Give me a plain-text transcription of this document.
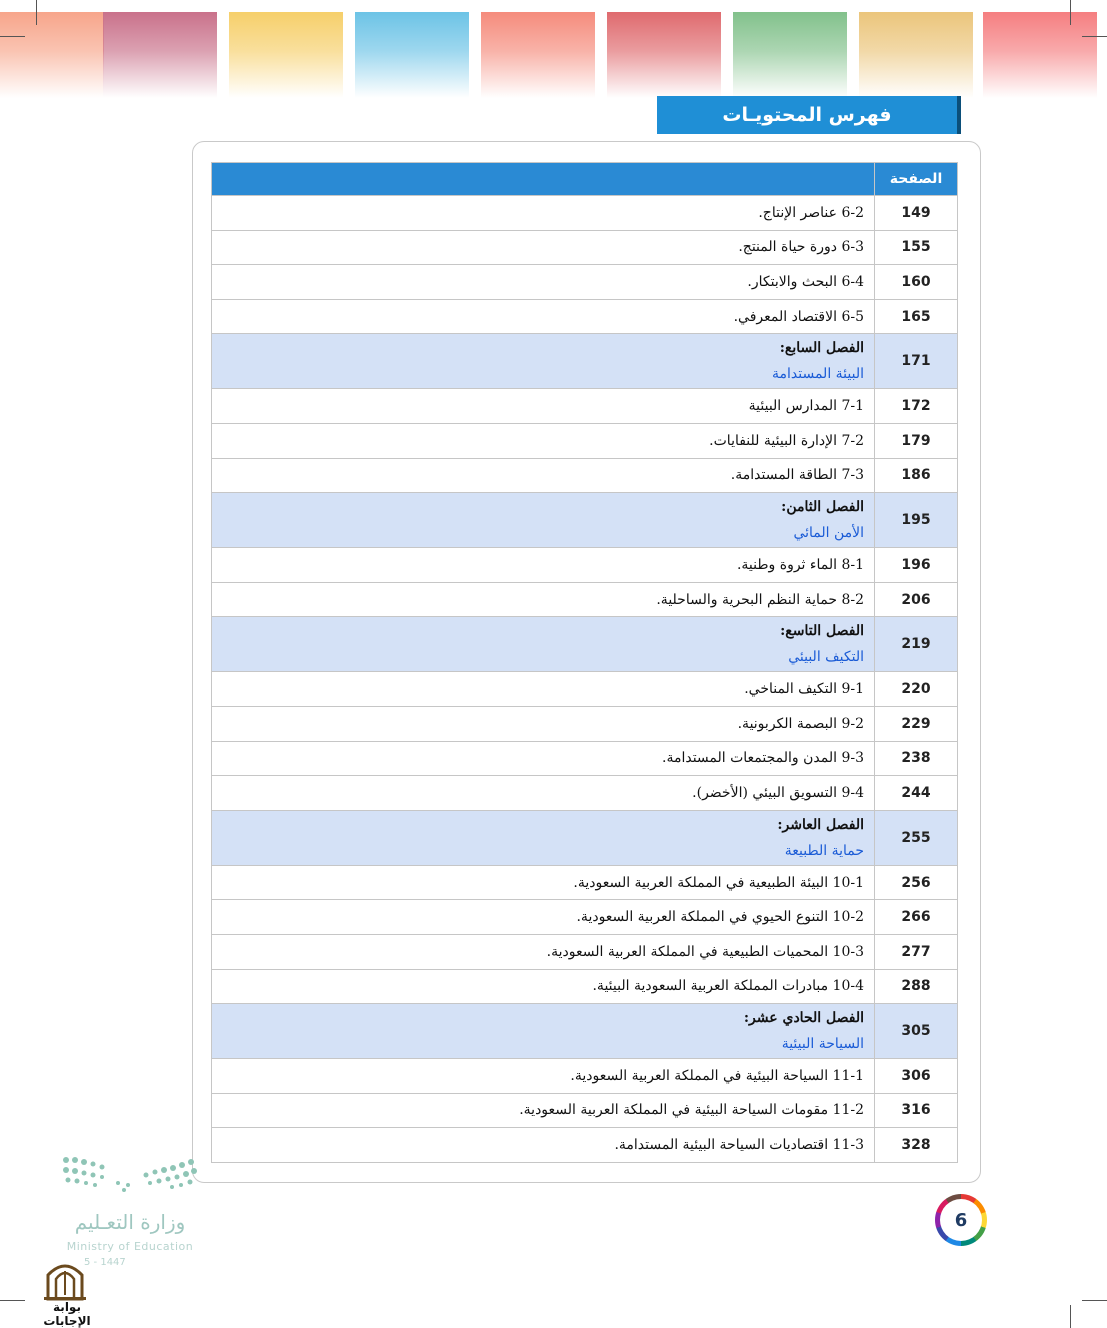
فهرس المحتويـات
الصفحة	
149	6-2 عناصر الإنتاج.
155	6-3 دورة حياة المنتج.
160	6-4 البحث والابتكار.
165	6-5 الاقتصاد المعرفي.
171	الفصل السابع:
البيئة المستدامة

172	7-1 المدارس البيئية
179	7-2 الإدارة البيئية للنفايات.
186	7-3 الطاقة المستدامة.
195	الفصل الثامن:
الأمن المائي

196	8-1 الماء ثروة وطنية.
206	8-2 حماية النظم البحرية والساحلية.
219	الفصل التاسع:
التكيف البيئي

220	9-1 التكيف المناخي.
229	9-2 البصمة الكربونية.
238	9-3 المدن والمجتمعات المستدامة.
244	9-4 التسويق البيئي (الأخضر).
255	الفصل العاشر:
حماية الطبيعة

256	10-1 البيئة الطبيعية في المملكة العربية السعودية.
266	10-2 التنوع الحيوي في المملكة العربية السعودية.
277	10-3 المحميات الطبيعية في المملكة العربية السعودية.
288	10-4 مبادرات المملكة العربية السعودية البيئية.
305	الفصل الحادي عشر:
السياحة البيئية

306	11-1 السياحة البيئية في المملكة العربية السعودية.
316	11-2 مقومات السياحة البيئية في المملكة العربية السعودية.
328	11-3 اقتصاديات السياحة البيئية المستدامة.
6
وزارة التعـليم
Ministry of Education
5 - 1447
بوابة الإجابات
